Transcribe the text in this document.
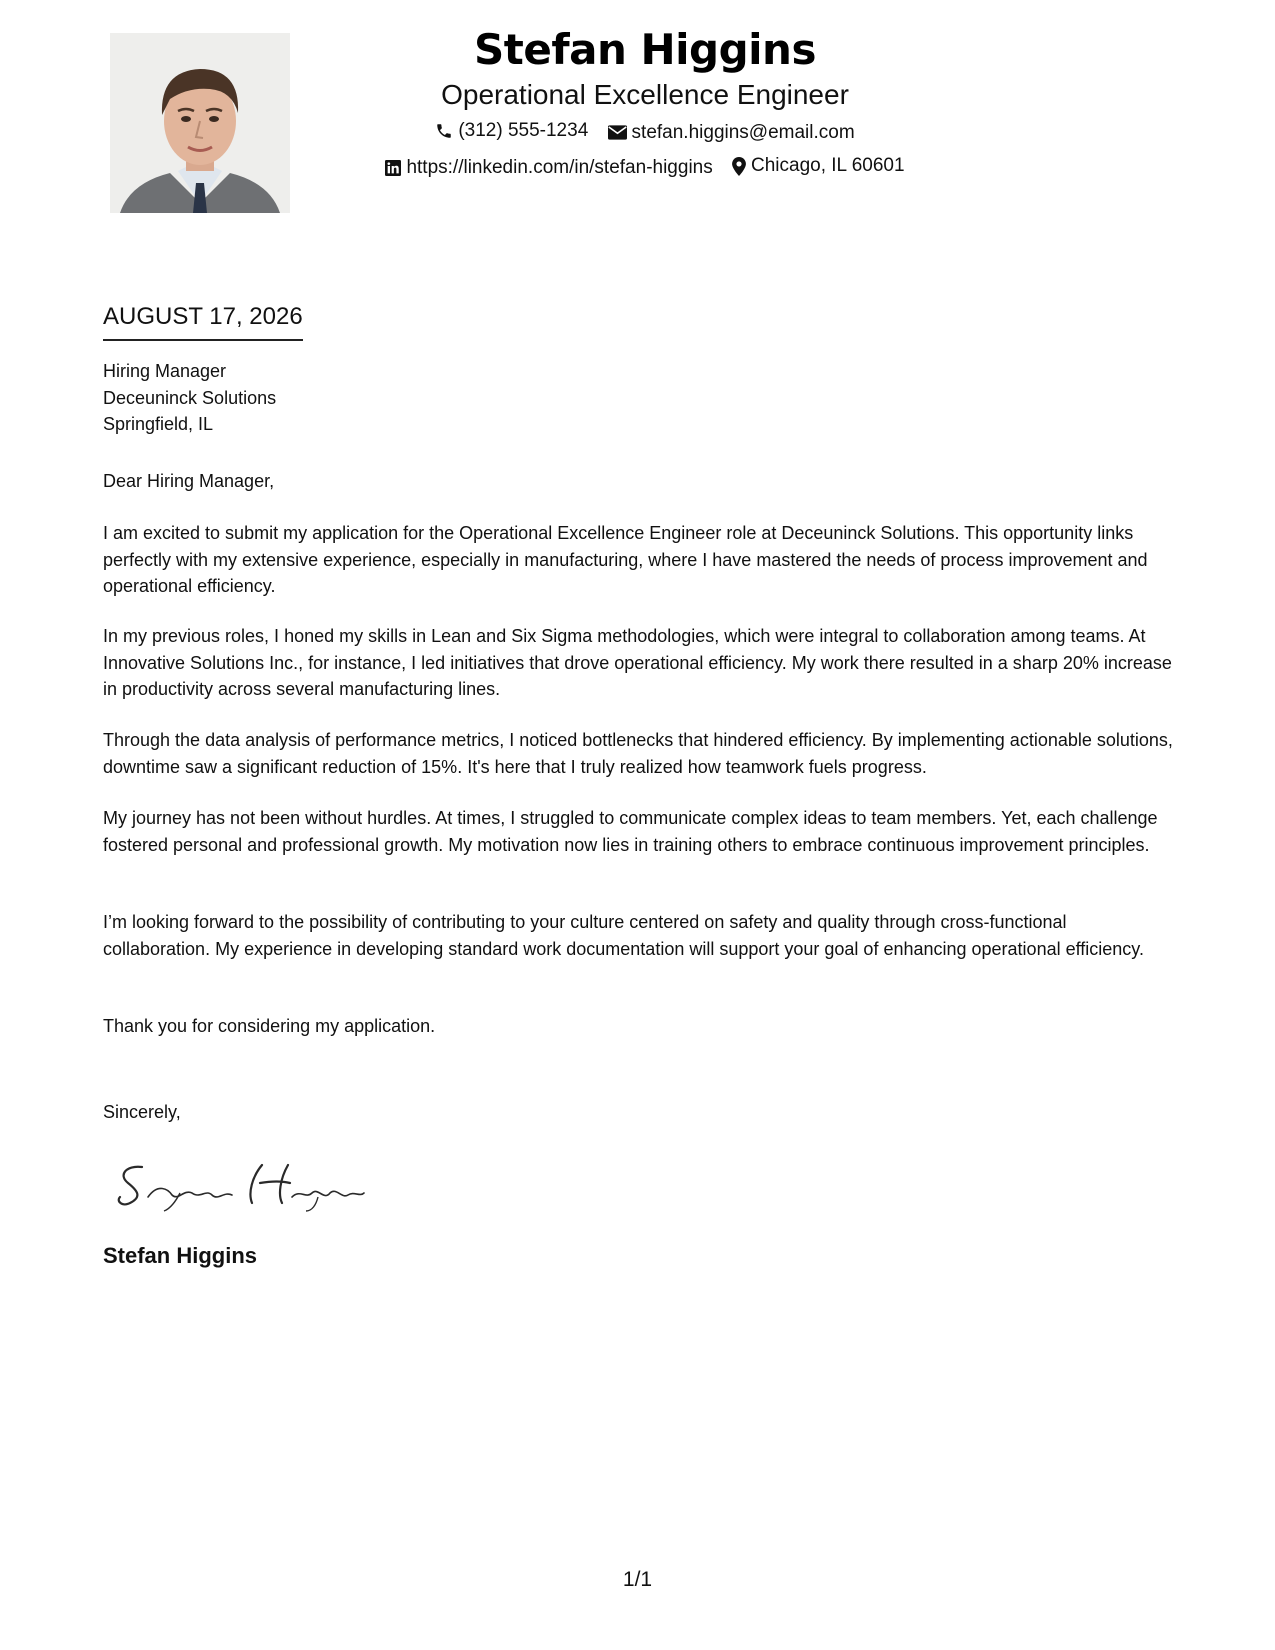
Stefan Higgins
Operational Excellence Engineer
(312) 555-1234
stefan.higgins@email.com
https://linkedin.com/in/stefan-higgins
Chicago, IL 60601
AUGUST 17, 2026

Hiring Manager

Deceuninck Solutions

Springfield, IL

Dear Hiring Manager,
I am excited to submit my application for the Operational Excellence Engineer role at Deceuninck Solutions. This opportunity links perfectly with my extensive experience, especially in manufacturing, where I have mastered the needs of process improvement and operational efficiency.
In my previous roles, I honed my skills in Lean and Six Sigma methodologies, which were integral to collaboration among teams. At Innovative Solutions Inc., for instance, I led initiatives that drove operational efficiency. My work there resulted in a sharp 20% increase in productivity across several manufacturing lines.
Through the data analysis of performance metrics, I noticed bottlenecks that hindered efficiency. By implementing actionable solutions, downtime saw a significant reduction of 15%. It's here that I truly realized how teamwork fuels progress.
My journey has not been without hurdles. At times, I struggled to communicate complex ideas to team members. Yet, each challenge fostered personal and professional growth. My motivation now lies in training others to embrace continuous improvement principles.
I’m looking forward to the possibility of contributing to your culture centered on safety and quality through cross-functional collaboration. My experience in developing standard work documentation will support your goal of enhancing operational efficiency.
Thank you for considering my application.
Sincerely,
Stefan Higgins
1/1
